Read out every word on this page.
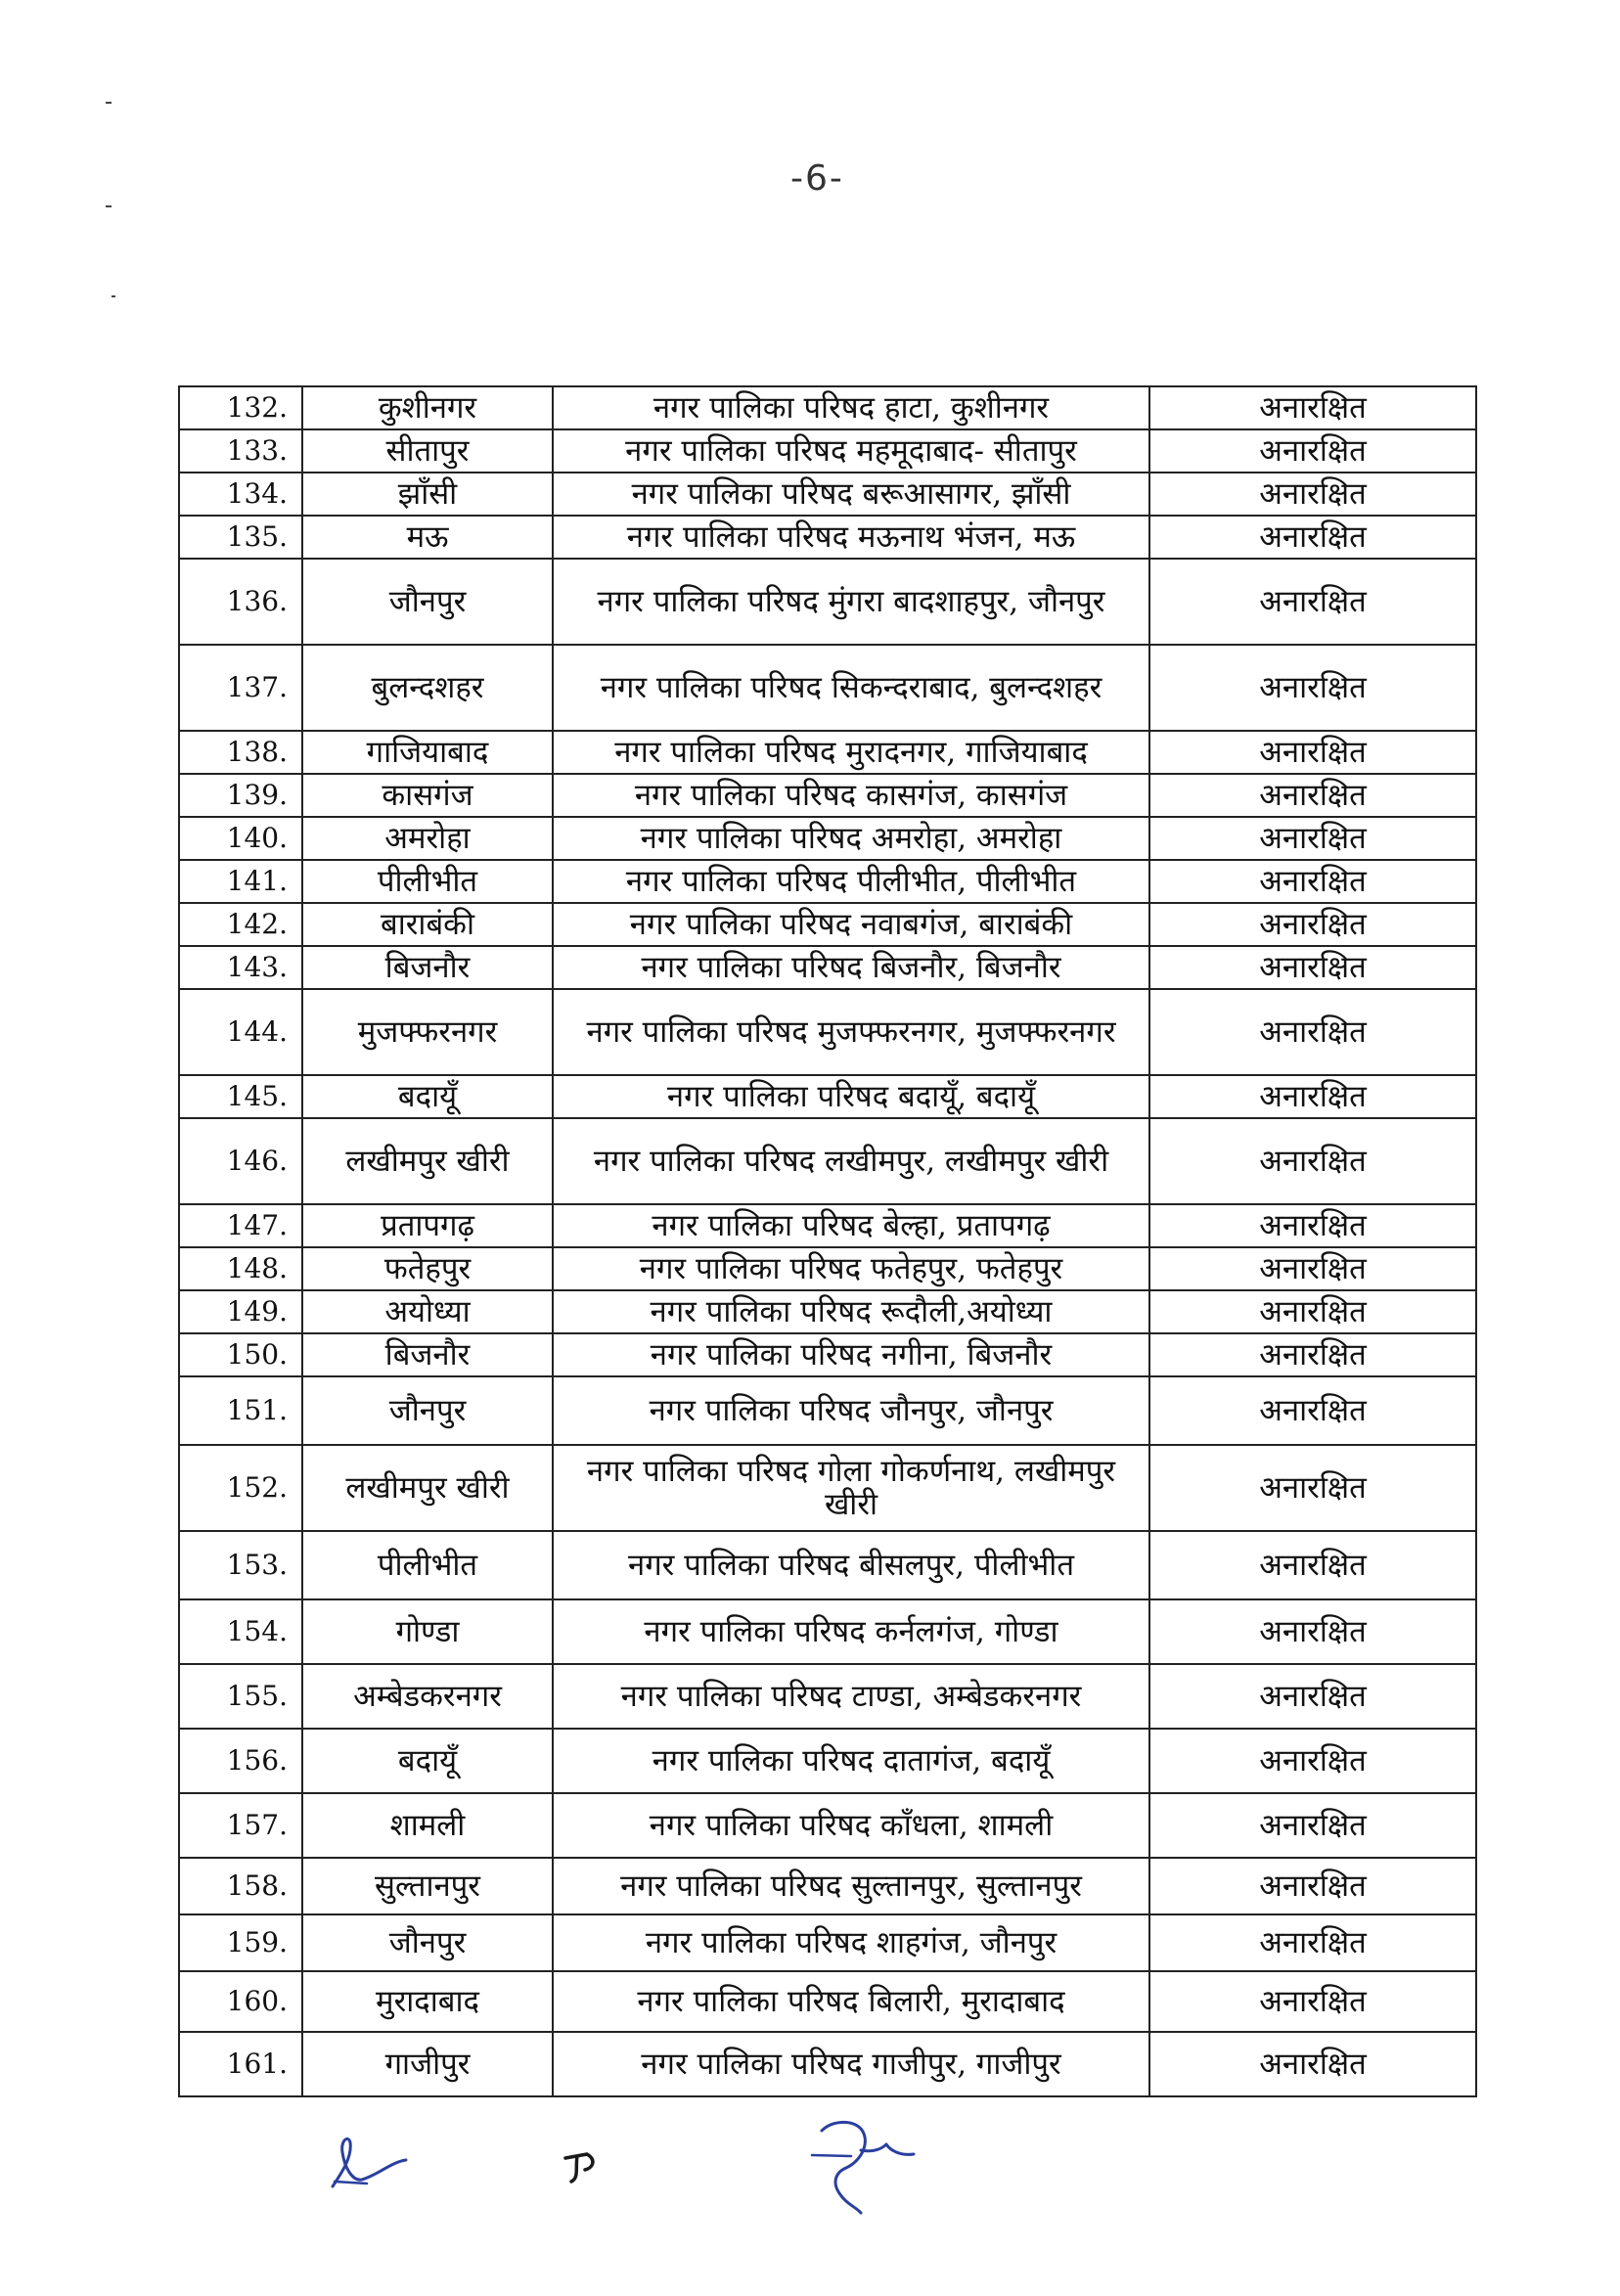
-6-
132.	कुशीनगर	नगर पालिका परिषद हाटा, कुशीनगर	अनारक्षित
133.	सीतापुर	नगर पालिका परिषद महमूदाबाद- सीतापुर	अनारक्षित
134.	झाँसी	नगर पालिका परिषद बरूआसागर, झाँसी	अनारक्षित
135.	मऊ	नगर पालिका परिषद मऊनाथ भंजन, मऊ	अनारक्षित
136.	जौनपुर	नगर पालिका परिषद मुंगरा बादशाहपुर, जौनपुर	अनारक्षित
137.	बुलन्दशहर	नगर पालिका परिषद सिकन्दराबाद, बुलन्दशहर	अनारक्षित
138.	गाजियाबाद	नगर पालिका परिषद मुरादनगर, गाजियाबाद	अनारक्षित
139.	कासगंज	नगर पालिका परिषद कासगंज, कासगंज	अनारक्षित
140.	अमरोहा	नगर पालिका परिषद अमरोहा, अमरोहा	अनारक्षित
141.	पीलीभीत	नगर पालिका परिषद पीलीभीत, पीलीभीत	अनारक्षित
142.	बाराबंकी	नगर पालिका परिषद नवाबगंज, बाराबंकी	अनारक्षित
143.	बिजनौर	नगर पालिका परिषद बिजनौर, बिजनौर	अनारक्षित
144.	मुजफ्फरनगर	नगर पालिका परिषद मुजफ्फरनगर, मुजफ्फरनगर	अनारक्षित
145.	बदायूँ	नगर पालिका परिषद बदायूँ, बदायूँ	अनारक्षित
146.	लखीमपुर खीरी	नगर पालिका परिषद लखीमपुर, लखीमपुर खीरी	अनारक्षित
147.	प्रतापगढ़	नगर पालिका परिषद बेल्हा, प्रतापगढ़	अनारक्षित
148.	फतेहपुर	नगर पालिका परिषद फतेहपुर, फतेहपुर	अनारक्षित
149.	अयोध्या	नगर पालिका परिषद रूदौली,अयोध्या	अनारक्षित
150.	बिजनौर	नगर पालिका परिषद नगीना, बिजनौर	अनारक्षित
151.	जौनपुर	नगर पालिका परिषद जौनपुर, जौनपुर	अनारक्षित
152.	लखीमपुर खीरी	नगर पालिका परिषद गोला गोकर्णनाथ, लखीमपुर खीरी	अनारक्षित
153.	पीलीभीत	नगर पालिका परिषद बीसलपुर, पीलीभीत	अनारक्षित
154.	गोण्डा	नगर पालिका परिषद कर्नलगंज, गोण्डा	अनारक्षित
155.	अम्बेडकरनगर	नगर पालिका परिषद टाण्डा, अम्बेडकरनगर	अनारक्षित
156.	बदायूँ	नगर पालिका परिषद दातागंज, बदायूँ	अनारक्षित
157.	शामली	नगर पालिका परिषद काँधला, शामली	अनारक्षित
158.	सुल्तानपुर	नगर पालिका परिषद सुल्तानपुर, सुल्तानपुर	अनारक्षित
159.	जौनपुर	नगर पालिका परिषद शाहगंज, जौनपुर	अनारक्षित
160.	मुरादाबाद	नगर पालिका परिषद बिलारी, मुरादाबाद	अनारक्षित
161.	गाजीपुर	नगर पालिका परिषद गाजीपुर, गाजीपुर	अनारक्षित
